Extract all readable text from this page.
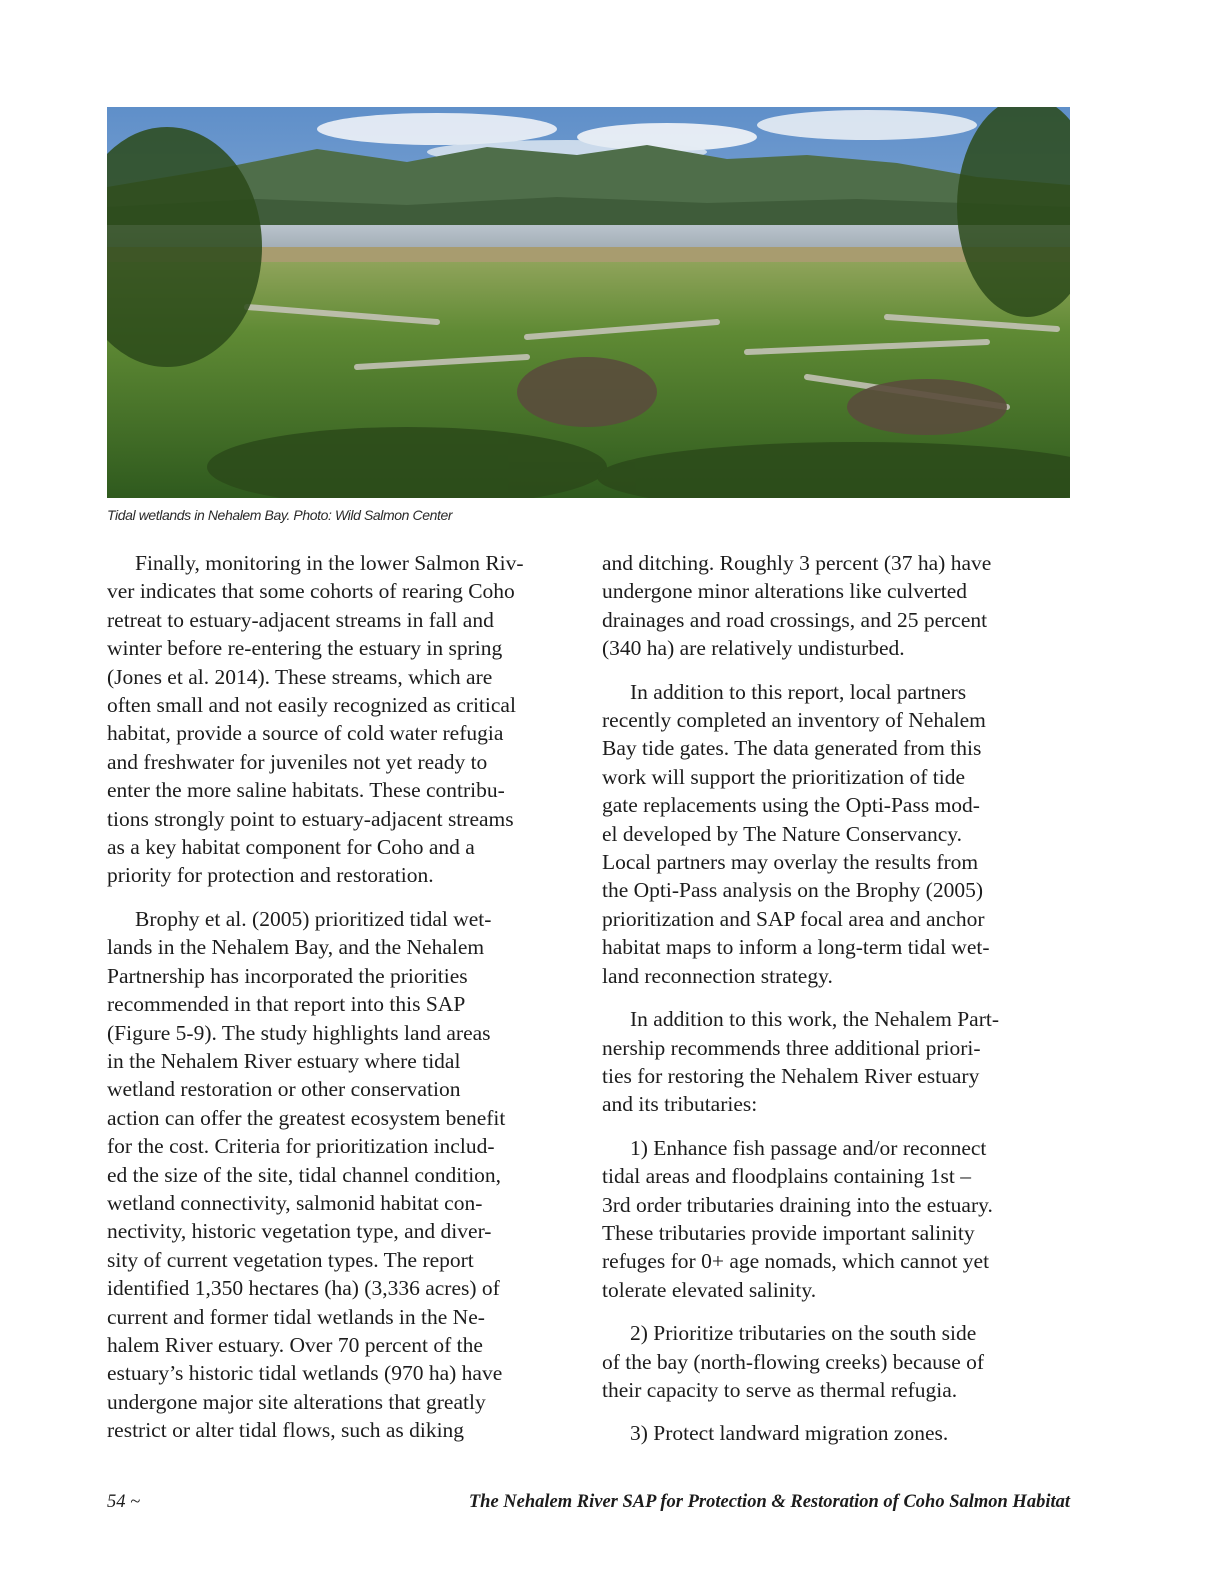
Tidal wetlands in Nehalem Bay. Photo: Wild Salmon Center

Finally, monitoring in the lower Salmon Riv-
ver indicates that some cohorts of rearing Coho
retreat to estuary-adjacent streams in fall and
winter before re-entering the estuary in spring
(Jones et al. 2014). These streams, which are
often small and not easily recognized as critical
habitat, provide a source of cold water refugia
and freshwater for juveniles not yet ready to
enter the more saline habitats. These contribu-
tions strongly point to estuary-adjacent streams
as a key habitat component for Coho and a
priority for protection and restoration.

Brophy et al. (2005) prioritized tidal wet-
lands in the Nehalem Bay, and the Nehalem
Partnership has incorporated the priorities
recommended in that report into this SAP
(Figure 5-9). The study highlights land areas
in the Nehalem River estuary where tidal
wetland restoration or other conservation
action can offer the greatest ecosystem benefit
for the cost. Criteria for prioritization includ-
ed the size of the site, tidal channel condition,
wetland connectivity, salmonid habitat con-
nectivity, historic vegetation type, and diver-
sity of current vegetation types. The report
identified 1,350 hectares (ha) (3,336 acres) of
current and former tidal wetlands in the Ne-
halem River estuary. Over 70 percent of the
estuary’s historic tidal wetlands (970 ha) have
undergone major site alterations that greatly
restrict or alter tidal flows, such as diking

and ditching. Roughly 3 percent (37 ha) have
undergone minor alterations like culverted
drainages and road crossings, and 25 percent
(340 ha) are relatively undisturbed.

In addition to this report, local partners
recently completed an inventory of Nehalem
Bay tide gates. The data generated from this
work will support the prioritization of tide
gate replacements using the Opti-Pass mod-
el developed by The Nature Conservancy.
Local partners may overlay the results from
the Opti-Pass analysis on the Brophy (2005)
prioritization and SAP focal area and anchor
habitat maps to inform a long-term tidal wet-
land reconnection strategy.

In addition to this work, the Nehalem Part-
nership recommends three additional priori-
ties for restoring the Nehalem River estuary
and its tributaries:

1) Enhance fish passage and/or reconnect
tidal areas and floodplains containing 1st –
3rd order tributaries draining into the estuary.
These tributaries provide important salinity
refuges for 0+ age nomads, which cannot yet
tolerate elevated salinity.

2) Prioritize tributaries on the south side
of the bay (north-flowing creeks) because of
their capacity to serve as thermal refugia.

3) Protect landward migration zones.

54 ~	The Nehalem River SAP for Protection & Restoration of Coho Salmon Habitat
